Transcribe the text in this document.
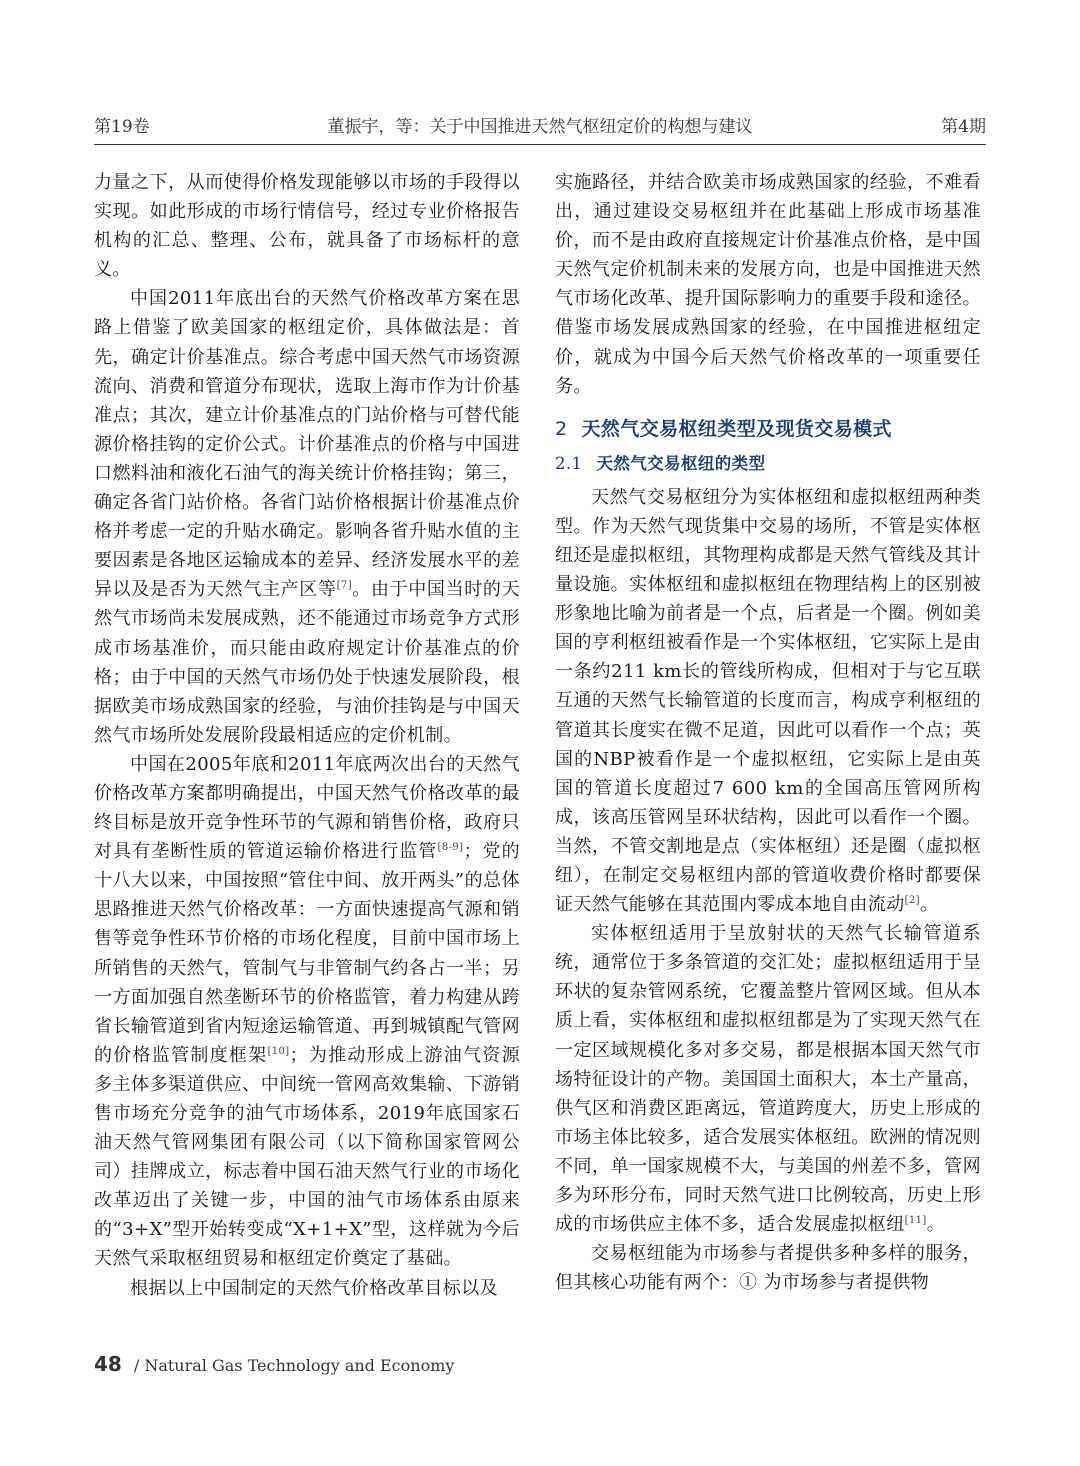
第19卷	董振宇，等：关于中国推进天然气枢纽定价的构想与建议	第4期

力量之下，从而使得价格发现能够以市场的手段得以实现。如此形成的市场行情信号，经过专业价格报告机构的汇总、整理、公布，就具备了市场标杆的意义。

中国2011年底出台的天然气价格改革方案在思路上借鉴了欧美国家的枢纽定价，具体做法是：首先，确定计价基准点。综合考虑中国天然气市场资源流向、消费和管道分布现状，选取上海市作为计价基准点；其次，建立计价基准点的门站价格与可替代能源价格挂钩的定价公式。计价基准点的价格与中国进口燃料油和液化石油气的海关统计价格挂钩；第三，确定各省门站价格。各省门站价格根据计价基准点价格并考虑一定的升贴水确定。影响各省升贴水值的主要因素是各地区运输成本的差异、经济发展水平的差异以及是否为天然气主产区等[7]。由于中国当时的天然气市场尚未发展成熟，还不能通过市场竞争方式形成市场基准价，而只能由政府规定计价基准点的价格；由于中国的天然气市场仍处于快速发展阶段，根据欧美市场成熟国家的经验，与油价挂钩是与中国天然气市场所处发展阶段最相适应的定价机制。

中国在2005年底和2011年底两次出台的天然气价格改革方案都明确提出，中国天然气价格改革的最终目标是放开竞争性环节的气源和销售价格，政府只对具有垄断性质的管道运输价格进行监管[8-9]；党的十八大以来，中国按照“管住中间、放开两头”的总体思路推进天然气价格改革：一方面快速提高气源和销售等竞争性环节价格的市场化程度，目前中国市场上所销售的天然气，管制气与非管制气约各占一半；另一方面加强自然垄断环节的价格监管，着力构建从跨省长输管道到省内短途运输管道、再到城镇配气管网的价格监管制度框架[10]；为推动形成上游油气资源多主体多渠道供应、中间统一管网高效集输、下游销售市场充分竞争的油气市场体系，2019年底国家石油天然气管网集团有限公司（以下简称国家管网公司）挂牌成立，标志着中国石油天然气行业的市场化改革迈出了关键一步，中国的油气市场体系由原来的“3+X”型开始转变成“X+1+X”型，这样就为今后天然气采取枢纽贸易和枢纽定价奠定了基础。

根据以上中国制定的天然气价格改革目标以及

实施路径，并结合欧美市场成熟国家的经验，不难看出，通过建设交易枢纽并在此基础上形成市场基准价，而不是由政府直接规定计价基准点价格，是中国天然气定价机制未来的发展方向，也是中国推进天然气市场化改革、提升国际影响力的重要手段和途径。借鉴市场发展成熟国家的经验，在中国推进枢纽定价，就成为中国今后天然气价格改革的一项重要任务。

2 天然气交易枢纽类型及现货交易模式
2.1 天然气交易枢纽的类型

天然气交易枢纽分为实体枢纽和虚拟枢纽两种类型。作为天然气现货集中交易的场所，不管是实体枢纽还是虚拟枢纽，其物理构成都是天然气管线及其计量设施。实体枢纽和虚拟枢纽在物理结构上的区别被形象地比喻为前者是一个点，后者是一个圈。例如美国的亨利枢纽被看作是一个实体枢纽，它实际上是由一条约211 km长的管线所构成，但相对于与它互联互通的天然气长输管道的长度而言，构成亨利枢纽的管道其长度实在微不足道，因此可以看作一个点；英国的NBP被看作是一个虚拟枢纽，它实际上是由英国的管道长度超过7 600 km的全国高压管网所构成，该高压管网呈环状结构，因此可以看作一个圈。当然，不管交割地是点（实体枢纽）还是圈（虚拟枢纽），在制定交易枢纽内部的管道收费价格时都要保证天然气能够在其范围内零成本地自由流动[2]。

实体枢纽适用于呈放射状的天然气长输管道系统，通常位于多条管道的交汇处；虚拟枢纽适用于呈环状的复杂管网系统，它覆盖整片管网区域。但从本质上看，实体枢纽和虚拟枢纽都是为了实现天然气在一定区域规模化多对多交易，都是根据本国天然气市场特征设计的产物。美国国土面积大，本土产量高，供气区和消费区距离远，管道跨度大，历史上形成的市场主体比较多，适合发展实体枢纽。欧洲的情况则不同，单一国家规模不大，与美国的州差不多，管网多为环形分布，同时天然气进口比例较高，历史上形成的市场供应主体不多，适合发展虚拟枢纽[11]。

交易枢纽能为市场参与者提供多种多样的服务，但其核心功能有两个：① 为市场参与者提供物

48 / Natural Gas Technology and Economy
